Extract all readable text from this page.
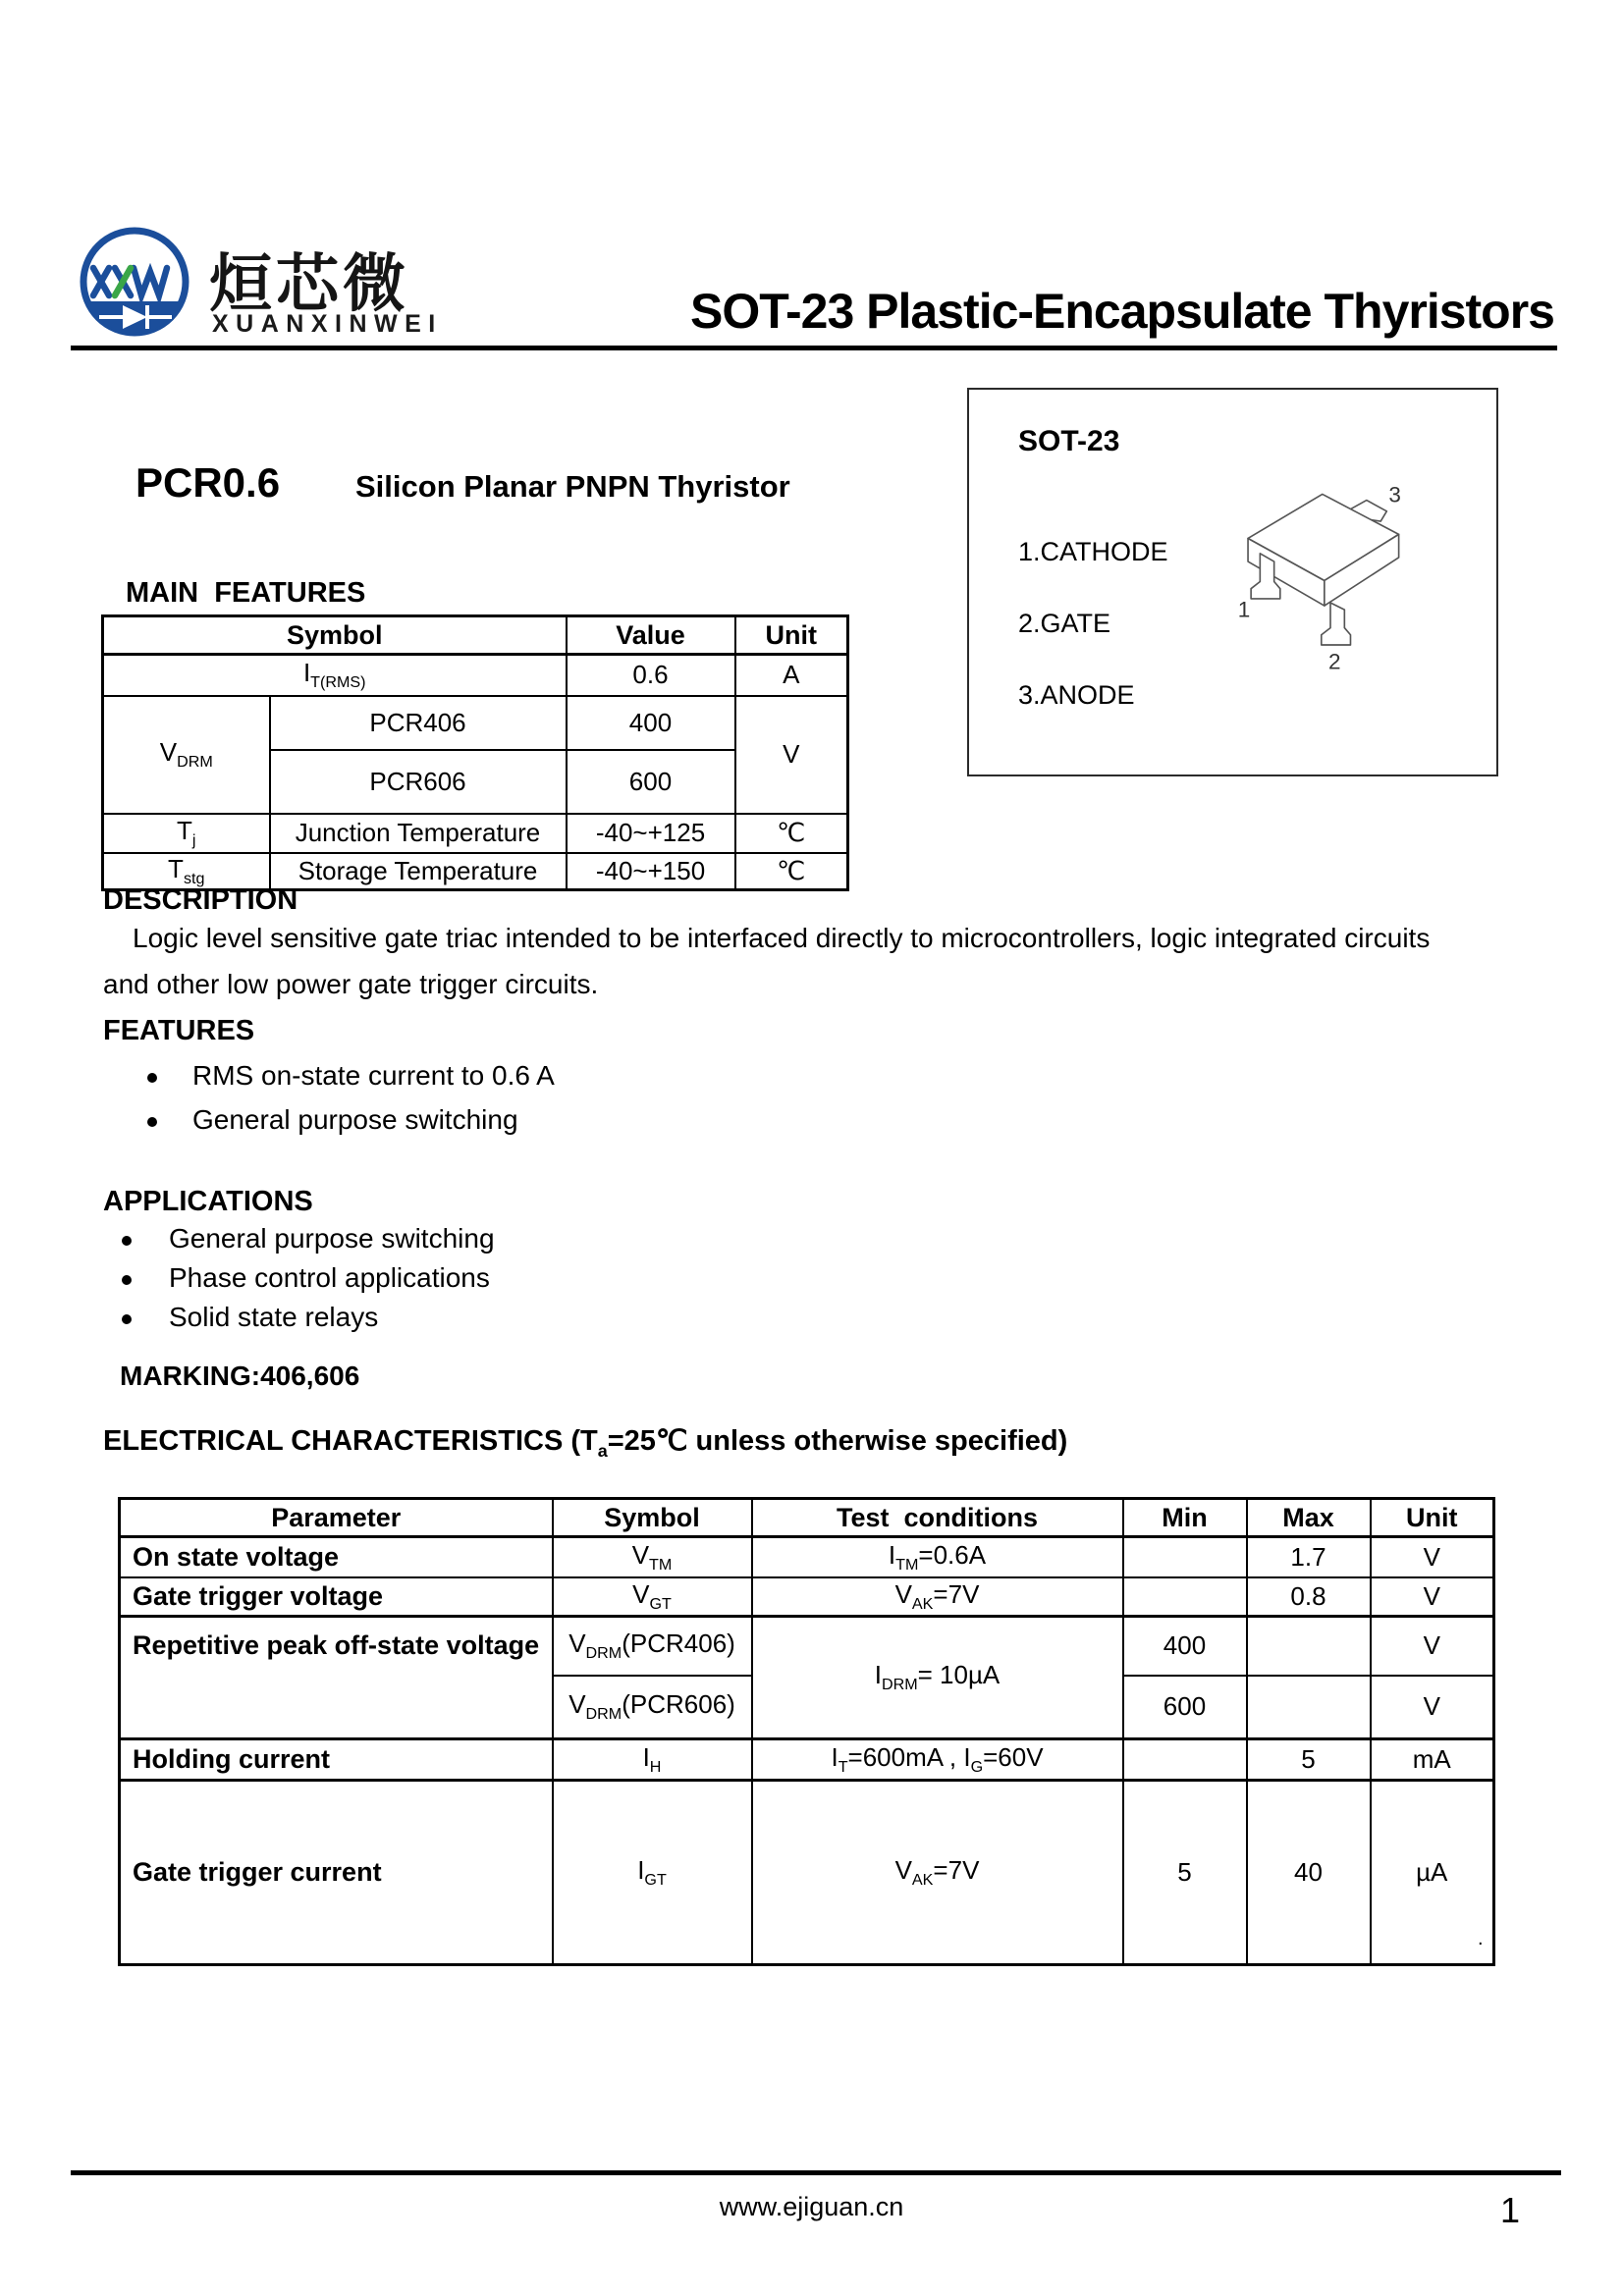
烜芯微
XUANXINWEI	SOT-23 Plastic-Encapsulate Thyristors
SOT-23
1.CATHODE
2.GATE
3.ANODE
3
1
2
PCR0.6 Silicon Planar PNPN Thyristor
MAIN  FEATURES
Symbol		Value	Unit
$I_{T(RMS)}$		0.6	A
$V_{DRM}$	PCR406	400	V
	PCR606	600	
$T_j$	Junction Temperature	-40~+125	℃
$T_{stg}$	Storage Temperature	-40~+150	℃
DESCRIPTION
Logic level sensitive gate triac intended to be interfaced directly to microcontrollers, logic integrated circuits
and other low power gate trigger circuits.
FEATURES
RMS on-state current to 0.6 A
General purpose switching
APPLICATIONS
General purpose switching
Phase control applications
Solid state relays
MARKING:406,606
ELECTRICAL CHARACTERISTICS ($T_a=25℃$ unless otherwise specified)
Parameter	Symbol	Test  conditions	Min	Max	Unit
On state voltage	$V_{TM}$	$I_{TM}=0.6A$		1.7	V
Gate trigger voltage	$V_{GT}$	$V_{AK}=7V$		0.8	V
Repetitive peak off-state voltage	$V_{DRM}(PCR406)$	$I_{DRM}= 10\mu A$	400		V
	$V_{DRM}(PCR606)$		600		V
Holding current	$I_H$	$I_T=600mA$ , $I_G=60V$		5	mA
Gate trigger current	$I_{GT}$	$V_{AK}=7V$	5	40	µA
.
www.ejiguan.cn	1
